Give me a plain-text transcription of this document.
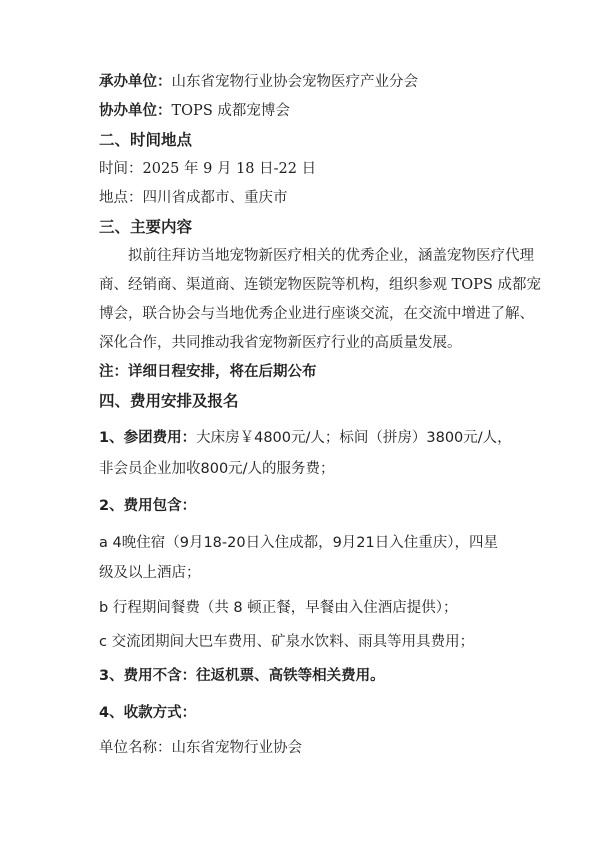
承办单位：山东省宠物行业协会宠物医疗产业分会
协办单位：TOPS 成都宠博会
二、时间地点
时间：2025 年 9 月 18 日-22 日
地点：四川省成都市、重庆市
三、主要内容
拟前往拜访当地宠物新医疗相关的优秀企业，涵盖宠物医疗代理
商、经销商、渠道商、连锁宠物医院等机构，组织参观 TOPS 成都宠
博会，联合协会与当地优秀企业进行座谈交流，在交流中增进了解、
深化合作，共同推动我省宠物新医疗行业的高质量发展。
注：详细日程安排，将在后期公布
四、费用安排及报名
1、参团费用：大床房￥4800元/人；标间（拼房）3800元/人，
非会员企业加收800元/人的服务费；
2、费用包含：
a 4晚住宿（9月18-20日入住成都，9月21日入住重庆），四星
级及以上酒店；
b 行程期间餐费（共 8 顿正餐，早餐由入住酒店提供）；
c 交流团期间大巴车费用、矿泉水饮料、雨具等用具费用；
3、费用不含：往返机票、高铁等相关费用。
4、收款方式：
单位名称：山东省宠物行业协会
